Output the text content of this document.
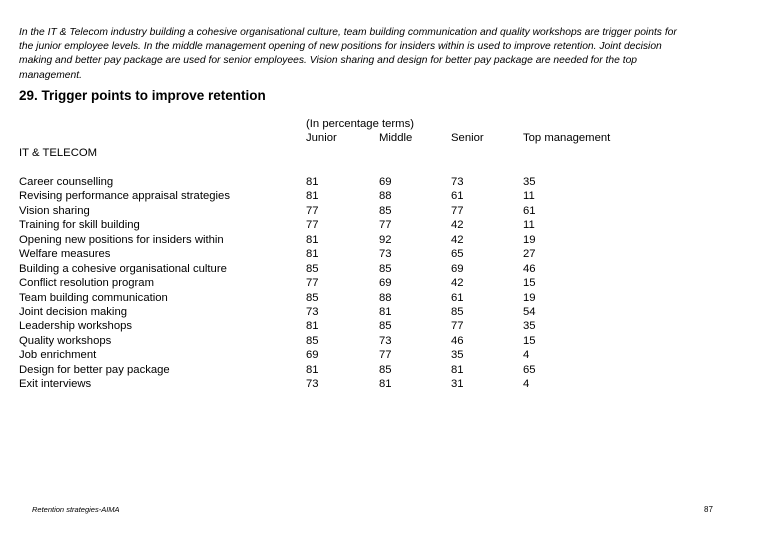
In the IT & Telecom industry building a cohesive organisational culture, team building communication and quality workshops are trigger points for the junior employee levels. In the middle management opening of new positions for insiders within is used to improve retention. Joint decision making and better pay package are used for senior employees. Vision sharing and design for better pay package are needed for the top management.
29. Trigger points to improve retention
(In percentage terms)
Junior	Middle	Senior	Top management
IT & TELECOM
Career counselling	81	69	73	35
Revising performance appraisal strategies	81	88	61	11
Vision sharing	77	85	77	61
Training for skill building	77	77	42	11
Opening new positions for insiders within	81	92	42	19
Welfare measures	81	73	65	27
Building a cohesive organisational culture	85	85	69	46
Conflict resolution program	77	69	42	15
Team building communication	85	88	61	19
Joint decision making	73	81	85	54
Leadership workshops	81	85	77	35
Quality workshops	85	73	46	15
Job enrichment	69	77	35	4
Design for better pay package	81	85	81	65
Exit interviews	73	81	31	4
Retention strategies-AIMA	87
